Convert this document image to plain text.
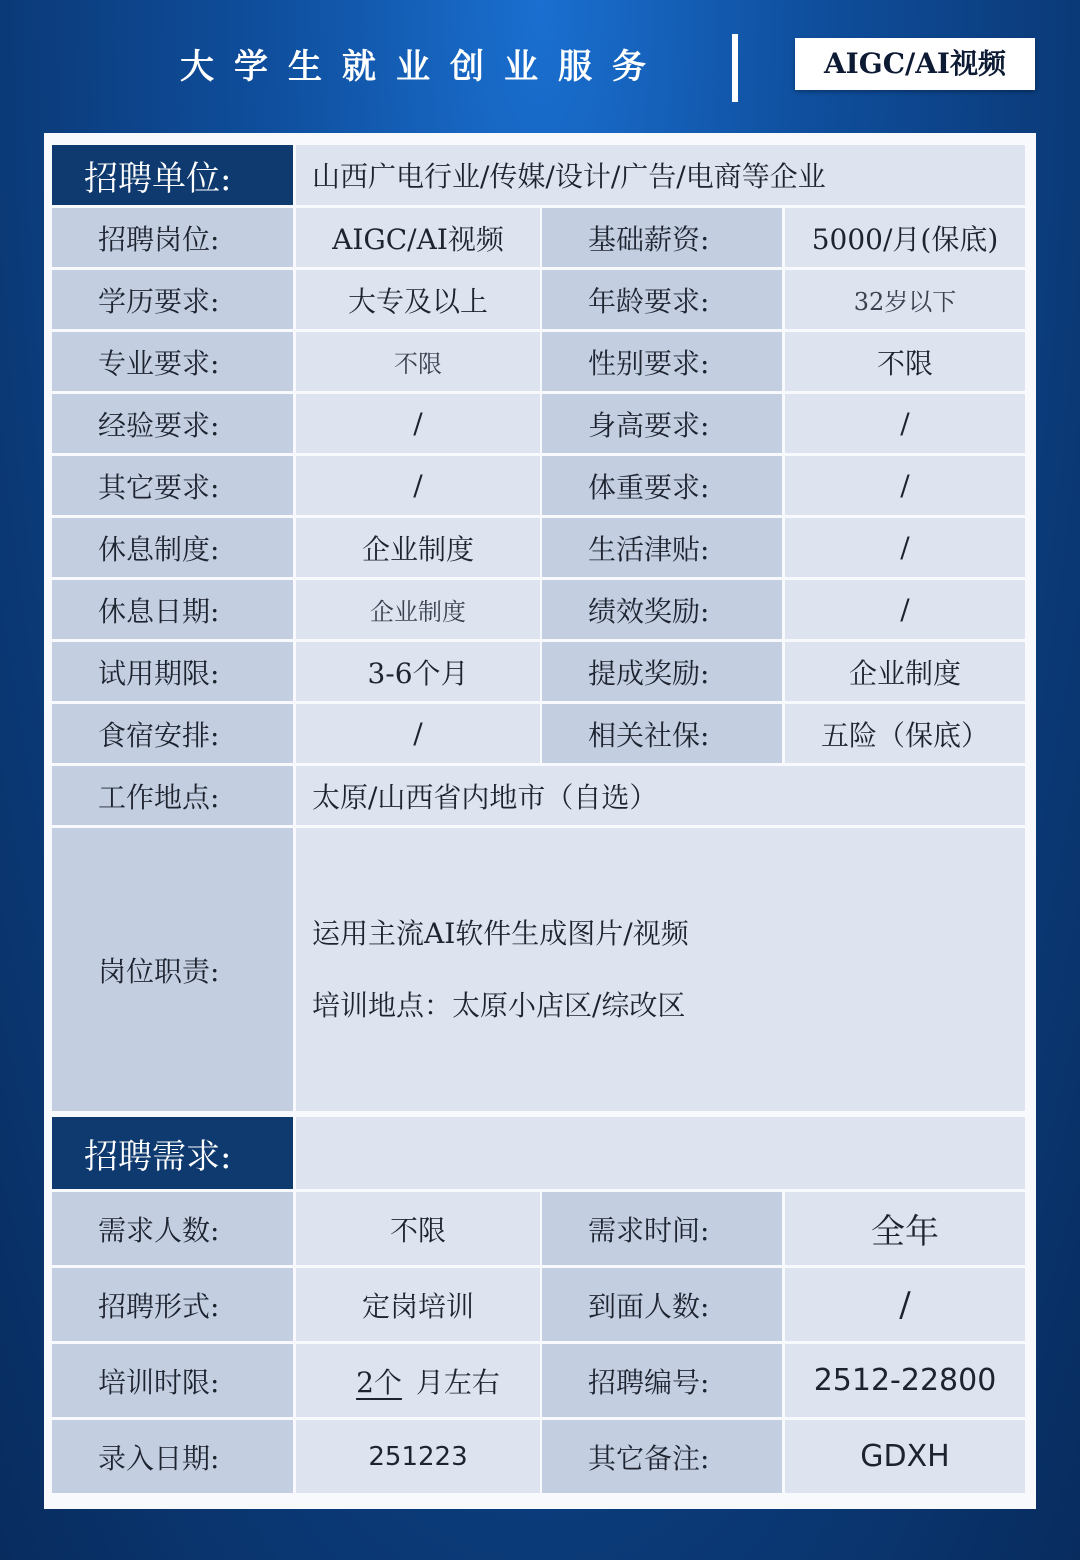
大学生就业创业服务	AIGC/AI视频
招聘单位:	山西广电行业/传媒/设计/广告/电商等企业
招聘岗位:	AIGC/AI视频	基础薪资:	5000/月(保底)
学历要求:	大专及以上	年龄要求:	32岁以下
专业要求:	不限	性别要求:	不限
经验要求:	/	身高要求:	/
其它要求:	/	体重要求:	/
休息制度:	企业制度	生活津贴:	/
休息日期:	企业制度	绩效奖励:	/
试用期限:	3-6个月	提成奖励:	企业制度
食宿安排:	/	相关社保:	五险（保底）
工作地点:	太原/山西省内地市（自选）
岗位职责:
运用主流AI软件生成图片/视频
培训地点：太原小店区/综改区
招聘需求:
需求人数:	不限	需求时间:	全年
招聘形式:	定岗培训	到面人数:	/
培训时限:	2个 月左右	招聘编号:	2512-22800
录入日期:	251223	其它备注:	GDXH
